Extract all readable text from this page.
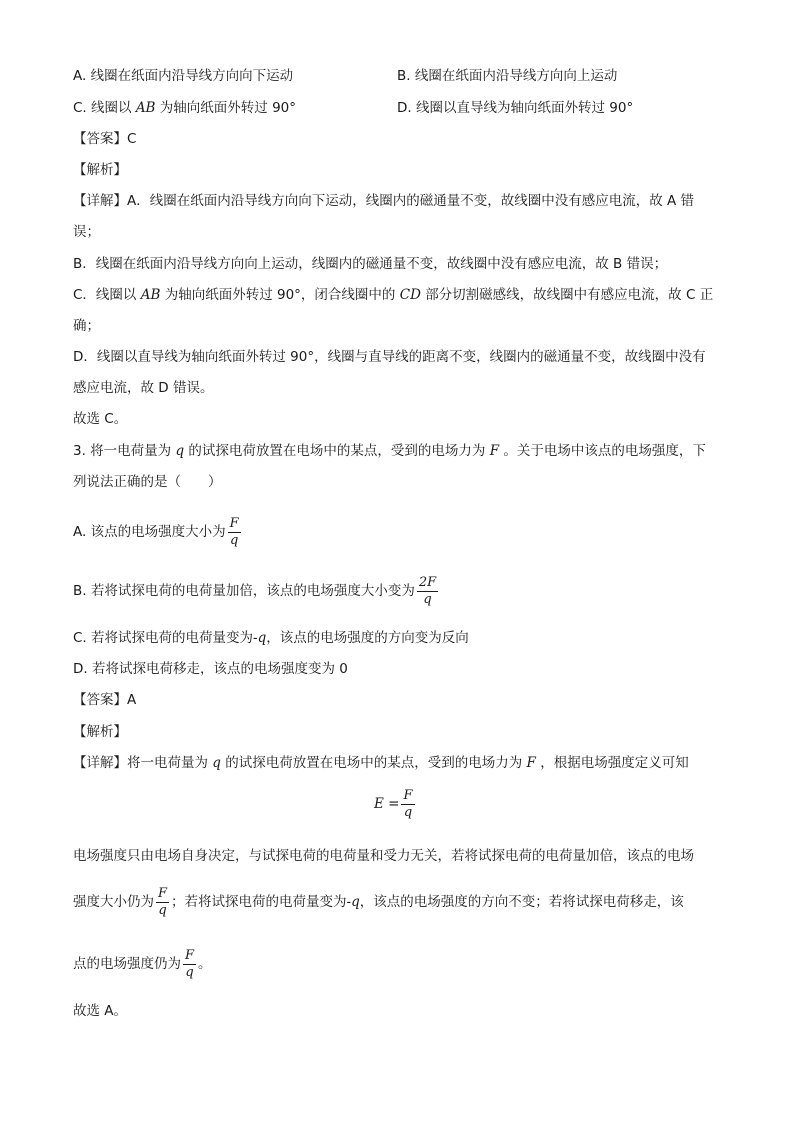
A. 线圈在纸面内沿导线方向向下运动	B. 线圈在纸面内沿导线方向向上运动
C. 线圈以 AB 为轴向纸面外转过 90°	D. 线圈以直导线为轴向纸面外转过 90°
【答案】C
【解析】
【详解】A．线圈在纸面内沿导线方向向下运动，线圈内的磁通量不变，故线圈中没有感应电流，故 A 错
误；
B．线圈在纸面内沿导线方向向上运动，线圈内的磁通量不变，故线圈中没有感应电流，故 B 错误；
C．线圈以 AB 为轴向纸面外转过 90°，闭合线圈中的 CD 部分切割磁感线，故线圈中有感应电流，故 C 正
确；
D．线圈以直导线为轴向纸面外转过 90°，线圈与直导线的距离不变，线圈内的磁通量不变，故线圈中没有
感应电流，故 D 错误。
故选 C。
3. 将一电荷量为 q 的试探电荷放置在电场中的某点，受到的电场力为 F 。关于电场中该点的电场强度，下
列说法正确的是（　　）
A. 该点的电场强度大小为 $\frac{F}{q}$
B. 若将试探电荷的电荷量加倍，该点的电场强度大小变为 $\frac{2F}{q}$
C. 若将试探电荷的电荷量变为-q，该点的电场强度的方向变为反向
D. 若将试探电荷移走，该点的电场强度变为 0
【答案】A
【解析】
【详解】将一电荷量为 q 的试探电荷放置在电场中的某点，受到的电场力为 F ，根据电场强度定义可知
$E = \frac{F}{q}$
电场强度只由电场自身决定，与试探电荷的电荷量和受力无关，若将试探电荷的电荷量加倍，该点的电场
强度大小仍为 $\frac{F}{q}$ ；若将试探电荷的电荷量变为-q，该点的电场强度的方向不变；若将试探电荷移走，该
点的电场强度仍为 $\frac{F}{q}$ 。
故选 A。
